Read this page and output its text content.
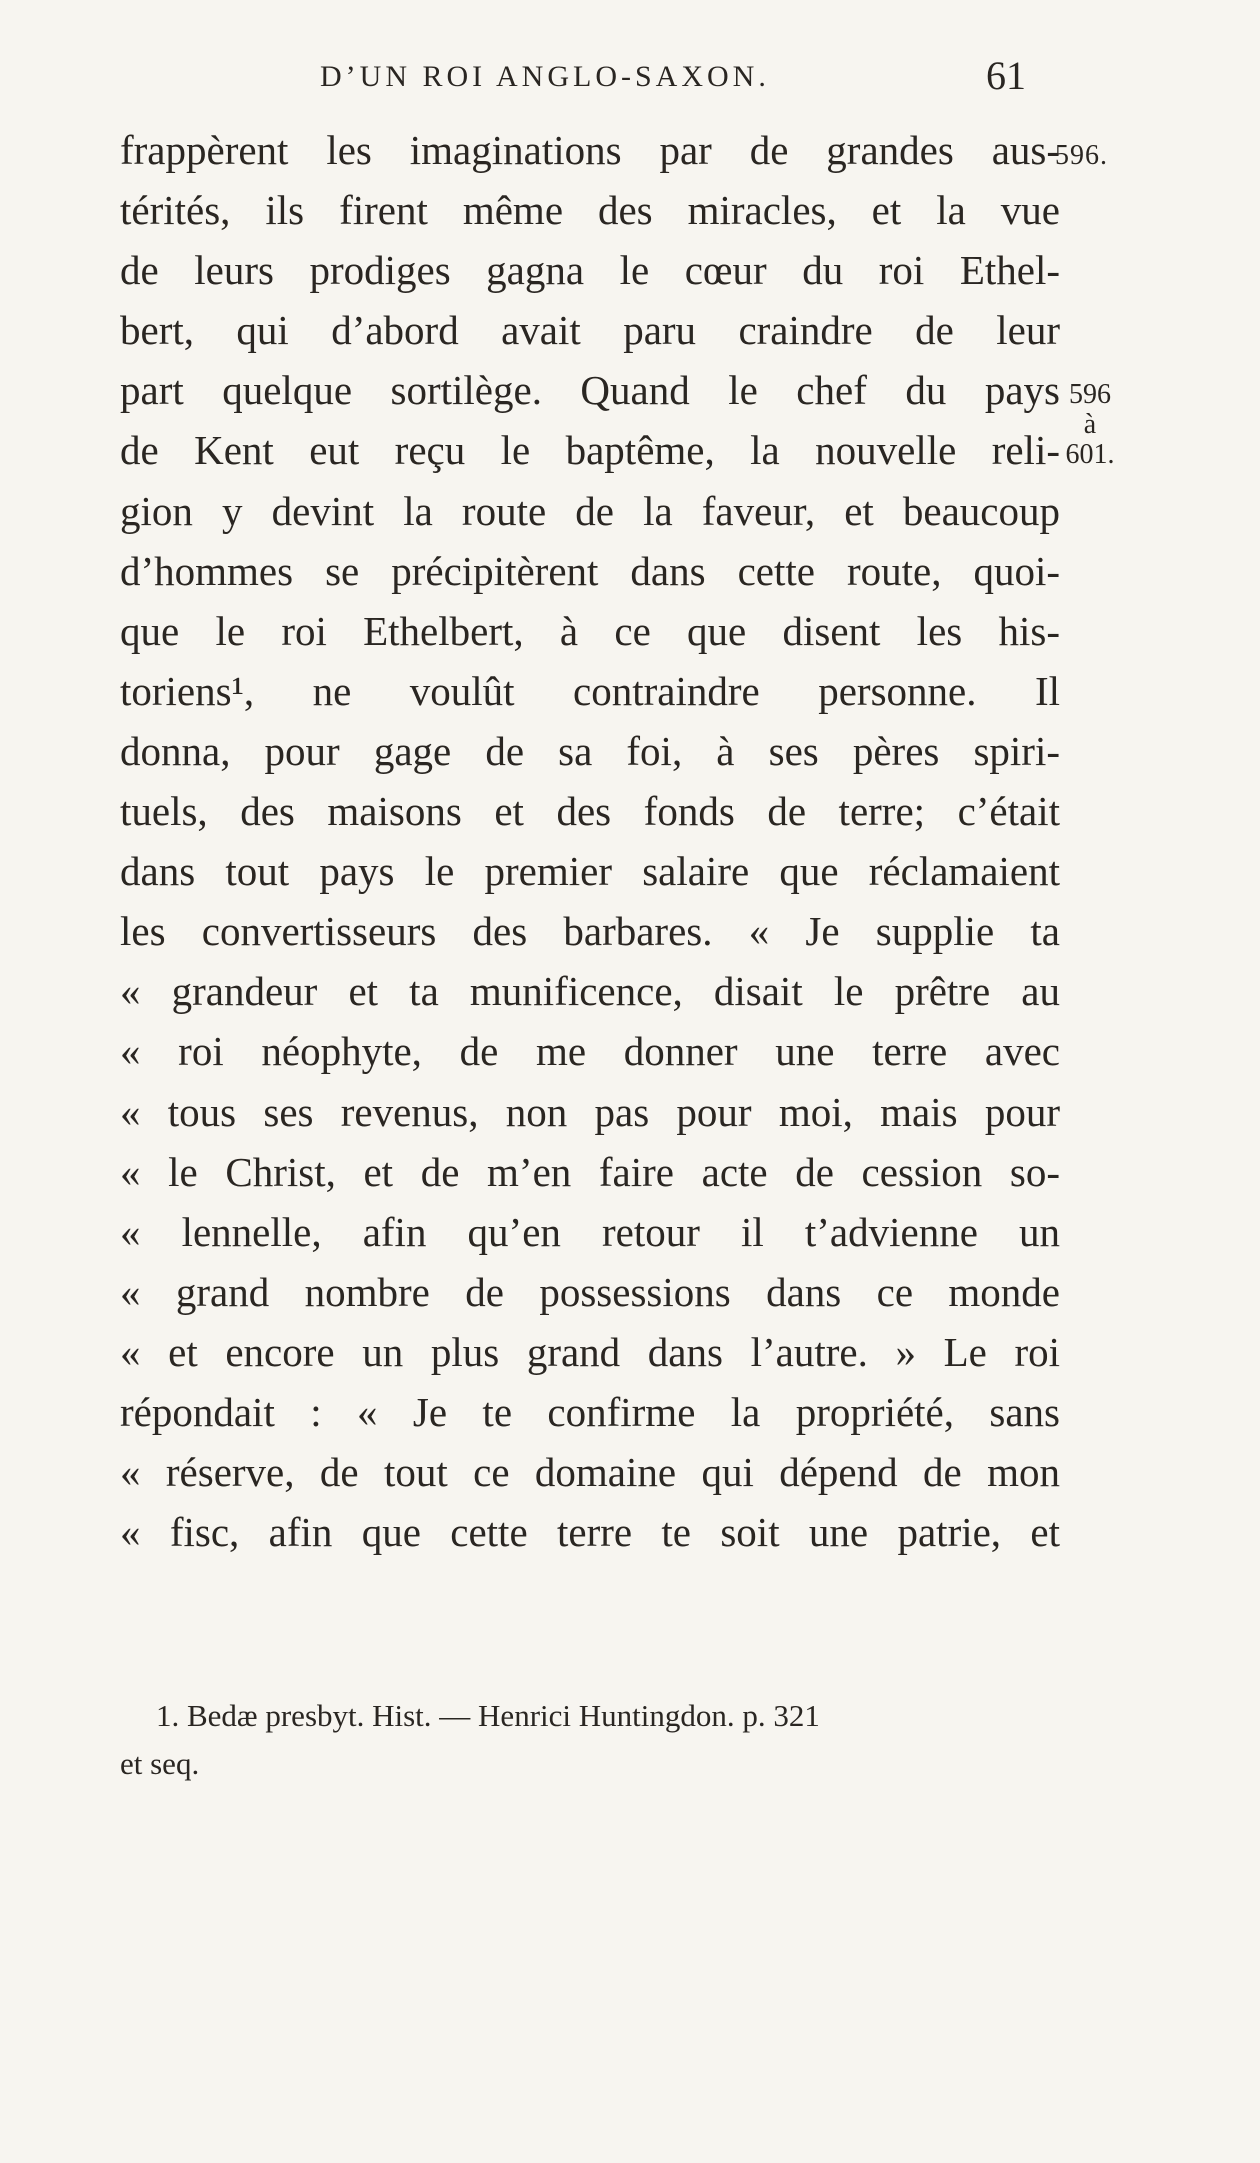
D’UN ROI ANGLO-SAXON.	61
596.
596
à
601.
frappèrent les imaginations par de grandes aus-
térités, ils firent même des miracles, et la vue
de leurs prodiges gagna le cœur du roi Ethel-
bert, qui d’abord avait paru craindre de leur
part quelque sortilège. Quand le chef du pays
de Kent eut reçu le baptême, la nouvelle reli-
gion y devint la route de la faveur, et beaucoup
d’hommes se précipitèrent dans cette route, quoi-
que le roi Ethelbert, à ce que disent les his-
toriens¹, ne voulût contraindre personne. Il
donna, pour gage de sa foi, à ses pères spiri-
tuels, des maisons et des fonds de terre; c’était
dans tout pays le premier salaire que réclamaient
les convertisseurs des barbares. « Je supplie ta
« grandeur et ta munificence, disait le prêtre au
« roi néophyte, de me donner une terre avec
« tous ses revenus, non pas pour moi, mais pour
« le Christ, et de m’en faire acte de cession so-
« lennelle, afin qu’en retour il t’advienne un
« grand nombre de possessions dans ce monde
« et encore un plus grand dans l’autre. » Le roi
répondait : « Je te confirme la propriété, sans
« réserve, de tout ce domaine qui dépend de mon
« fisc, afin que cette terre te soit une patrie, et
1. Bedæ presbyt. Hist. — Henrici Huntingdon. p. 321
et seq.
